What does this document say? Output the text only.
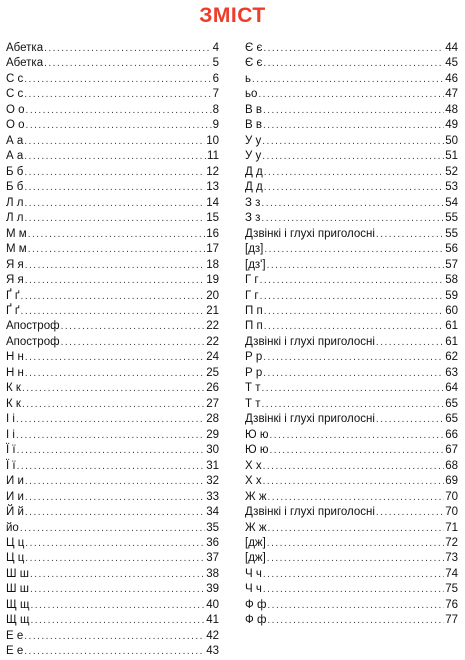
ЗМІСТ
Абетка .....	4
Абетка .....	5
С с .....	6
С с .....	7
О о .....	8
О о .....	9
А а .....	10
А а .....	11
Б б .....	12
Б б .....	13
Л л .....	14
Л л .....	15
М м .....	16
М м .....	17
Я я .....	18
Я я .....	19
Ґ ґ .....	20
Ґ ґ .....	21
Апостроф .....	22
Апостроф .....	22
Н н .....	24
Н н .....	25
К к .....	26
К к .....	27
І і .....	28
І і .....	29
Ї ї .....	30
Ї ї .....	31
И и .....	32
И и .....	33
Й й .....	34
йо .....	35
Ц ц .....	36
Ц ц .....	37
Ш ш .....	38
Ш ш .....	39
Щ щ .....	40
Щ щ .....	41
Е е .....	42
Е е .....	43
Є є .....	44
Є є .....	45
ь .....	46
ьо .....	47
В в .....	48
В в .....	49
У у .....	50
У у .....	51
Д д .....	52
Д д .....	53
З з .....	54
З з .....	55
Дзвінкі і глухі приголосні .....	55
[дз] .....	56
[дз'] .....	57
Г г .....	58
Г г .....	59
П п .....	60
П п .....	61
Дзвінкі і глухі приголосні .....	61
Р р .....	62
Р р .....	63
Т т .....	64
Т т .....	65
Дзвінкі і глухі приголосні .....	65
Ю ю .....	66
Ю ю .....	67
Х х .....	68
Х х .....	69
Ж ж .....	70
Дзвінкі і глухі приголосні .....	70
Ж ж .....	71
[дж] .....	72
[дж] .....	73
Ч ч .....	74
Ч ч .....	75
Ф ф .....	76
Ф ф .....	77
